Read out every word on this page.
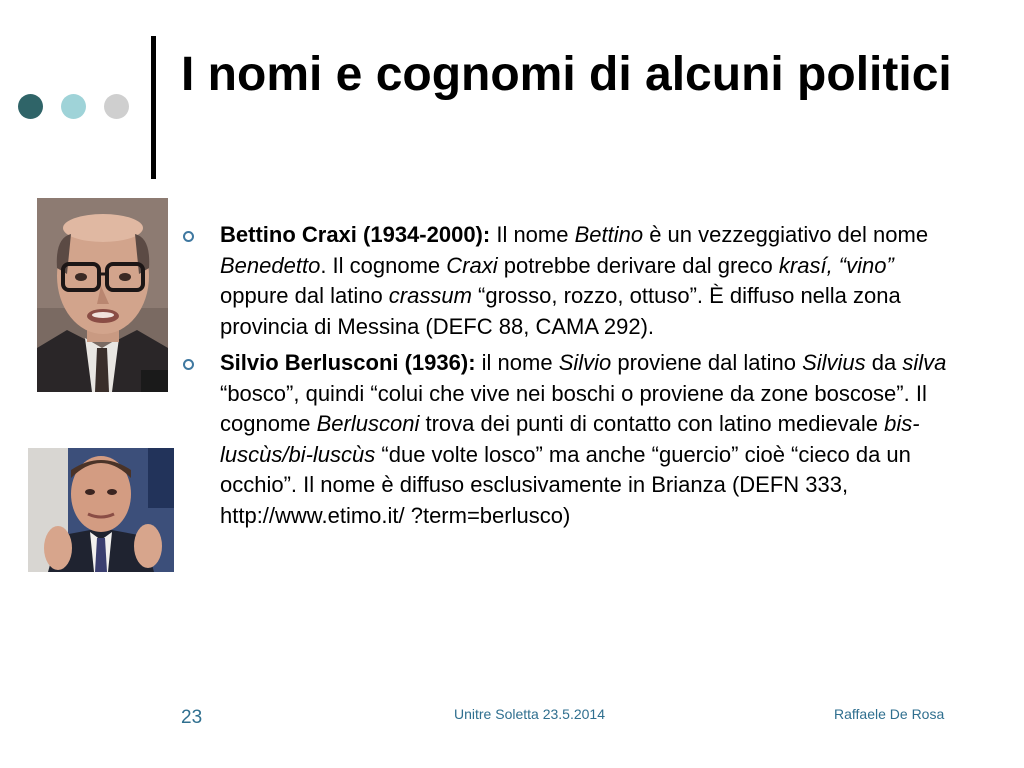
I nomi e cognomi di alcuni politici
Bettino Craxi (1934-2000): Il nome Bettino è un vezzeggiativo del nome Benedetto. Il cognome Craxi potrebbe derivare dal greco krasí, “vino” oppure dal latino crassum “grosso, rozzo, ottuso”. È diffuso nella zona provincia di Messina (DEFC 88, CAMA 292).
Silvio Berlusconi (1936): il nome Silvio proviene dal latino Silvius da silva “bosco”, quindi “colui che vive nei boschi o proviene da zone boscose”. Il cognome Berlusconi trova dei punti di contatto con latino medievale bis-luscùs/bi-luscùs “due volte losco” ma anche “guercio” cioè “cieco da un occhio”. Il nome è diffuso esclusivamente in Brianza (DEFN 333, http://www.etimo.it/ ?term=berlusco)
23	Unitre Soletta 23.5.2014	Raffaele De Rosa
